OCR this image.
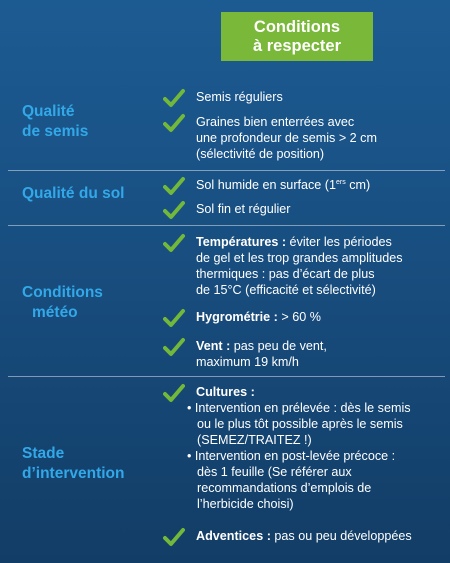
Conditions
à respecter
Qualité
de semis
Semis réguliers
Graines bien enterrées avec
une profondeur de semis > 2 cm
(sélectivité de position)
Qualité du sol	Sol humide en surface (1ers cm)
Sol fin et régulier
Conditions
météo
Températures : éviter les périodes
de gel et les trop grandes amplitudes
thermiques : pas d’écart de plus
de 15°C (efficacité et sélectivité)
Hygrométrie : > 60 %
Vent : pas peu de vent,
maximum 19 km/h
Stade
d’intervention
Cultures :
• Intervention en prélevée : dès le semis
ou le plus tôt possible après le semis
(SEMEZ/TRAITEZ !)
• Intervention en post-levée précoce :
dès 1 feuille (Se référer aux
recommandations d’emplois de
l’herbicide choisi)
Adventices : pas ou peu développées
